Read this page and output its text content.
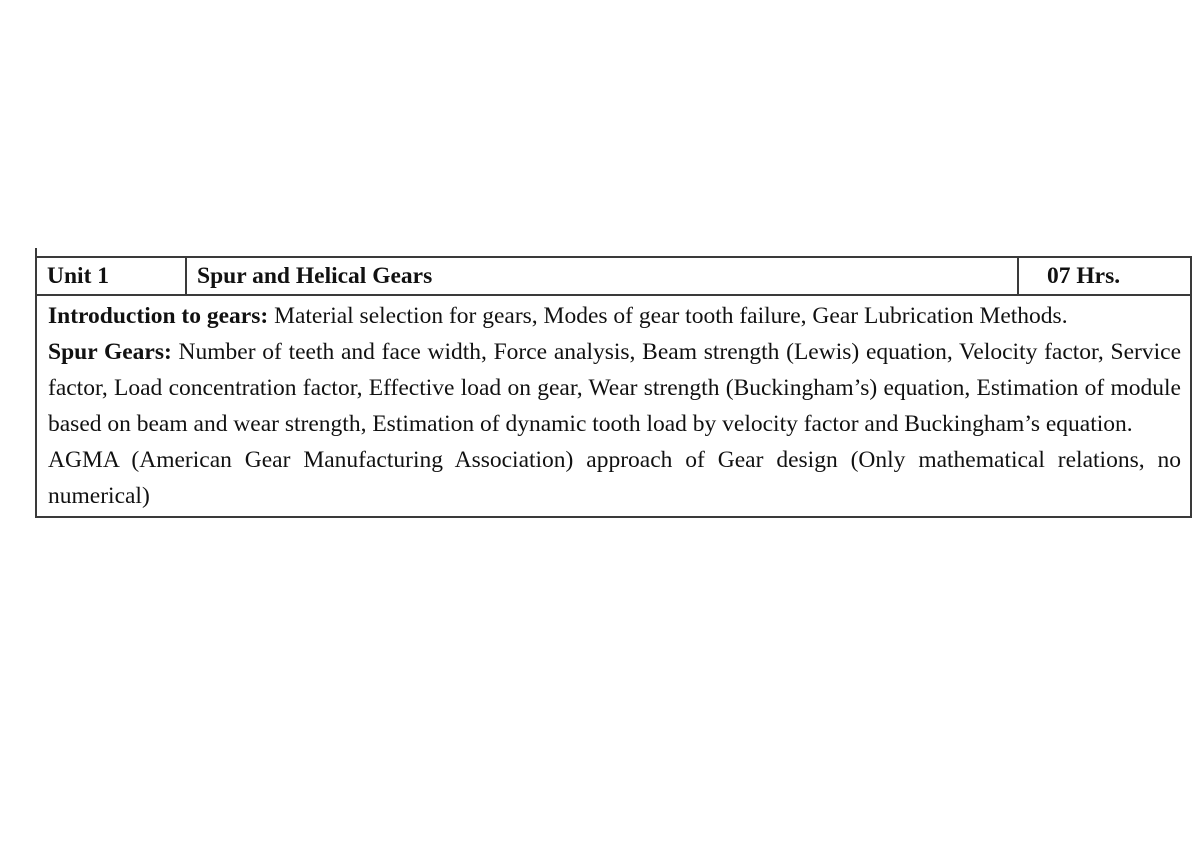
Unit 1	Spur and Helical Gears	07 Hrs.

Introduction to gears: Material selection for gears, Modes of gear tooth failure, Gear Lubrication Methods.

Spur Gears: Number of teeth and face width, Force analysis, Beam strength (Lewis) equation, Velocity factor, Service factor, Load concentration factor, Effective load on gear, Wear strength (Buckingham’s) equation, Estimation of module based on beam and wear strength, Estimation of dynamic tooth load by velocity factor and Buckingham’s equation.

AGMA (American Gear Manufacturing Association) approach of Gear design (Only mathematical relations, no numerical)
